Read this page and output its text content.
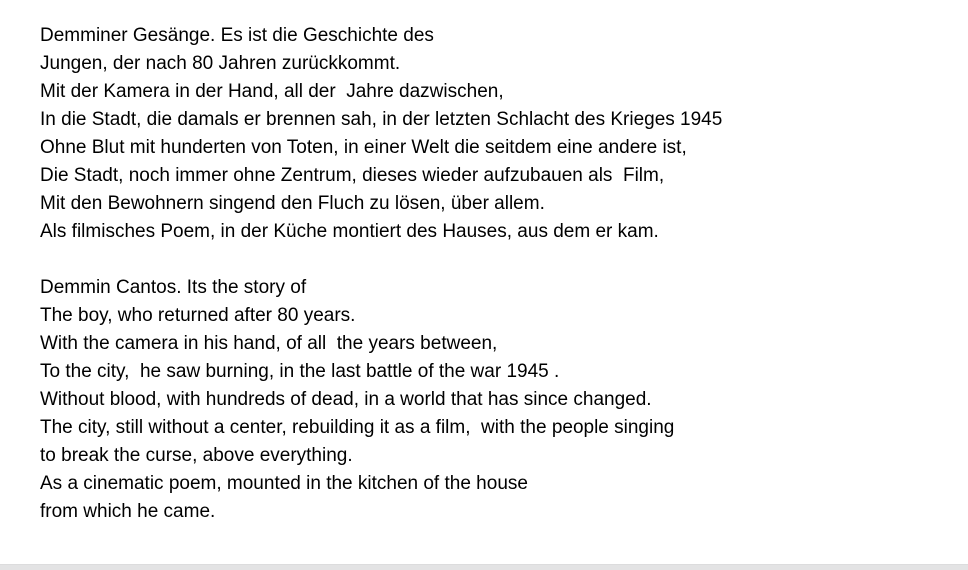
Demminer Gesänge. Es ist die Geschichte des
Jungen, der nach 80 Jahren zurückkommt.
Mit der Kamera in der Hand, all der  Jahre dazwischen,
In die Stadt, die damals er brennen sah, in der letzten Schlacht des Krieges 1945
Ohne Blut mit hunderten von Toten, in einer Welt die seitdem eine andere ist,
Die Stadt, noch immer ohne Zentrum, dieses wieder aufzubauen als  Film,
Mit den Bewohnern singend den Fluch zu lösen, über allem.
Als filmisches Poem, in der Küche montiert des Hauses, aus dem er kam.
Demmin Cantos. Its the story of
The boy, who returned after 80 years.
With the camera in his hand, of all  the years between,
To the city,  he saw burning, in the last battle of the war 1945 .
Without blood, with hundreds of dead, in a world that has since changed.
The city, still without a center, rebuilding it as a film,  with the people singing
to break the curse, above everything.
As a cinematic poem, mounted in the kitchen of the house
from which he came.
